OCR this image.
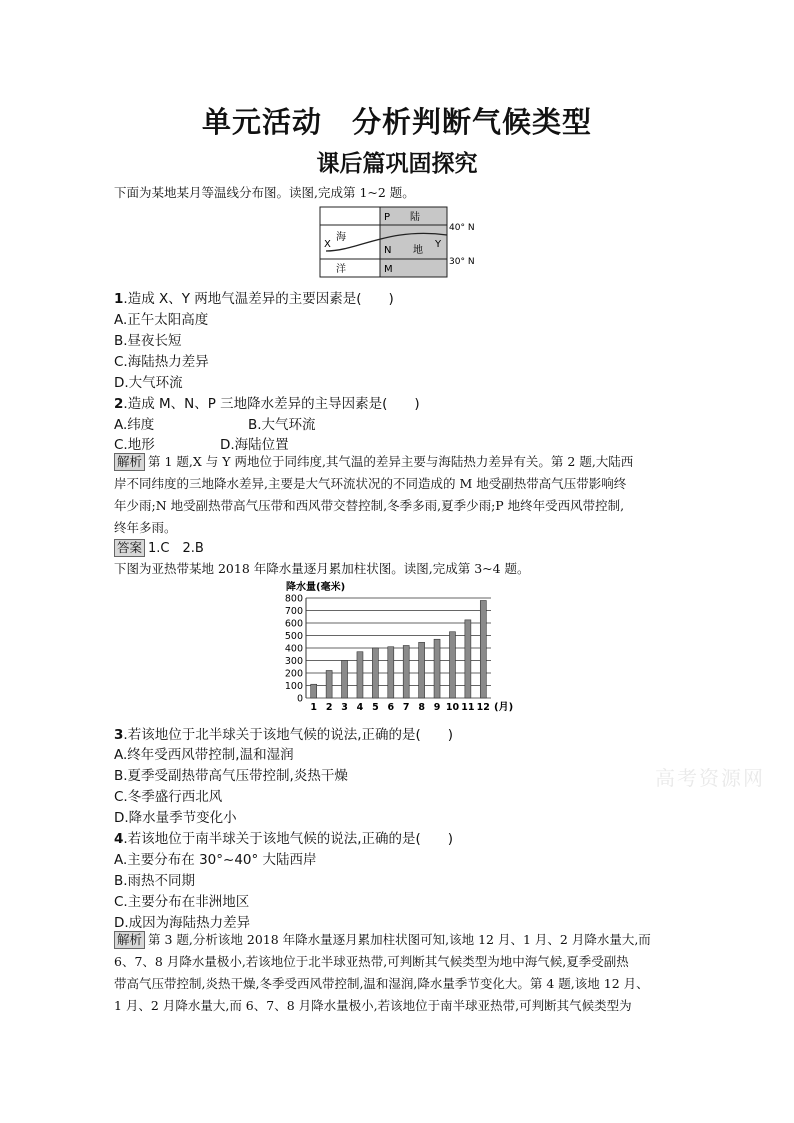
单元活动　分析判断气候类型
课后篇巩固探究
下面为某地某月等温线分布图。读图,完成第 1~2 题。
P 陆
海
X	Y
N 地
洋	M
40° N
30° N
1.造成 X、Y 两地气温差异的主要因素是(　　)
A.正午太阳高度
B.昼夜长短
C.海陆热力差异
D.大气环流
2.造成 M、N、P 三地降水差异的主导因素是(　　)
A.纬度	B.大气环流
C.地形	D.海陆位置
解析 第 1 题,X 与 Y 两地位于同纬度,其气温的差异主要与海陆热力差异有关。第 2 题,大陆西
岸不同纬度的三地降水差异,主要是大气环流状况的不同造成的 M 地受副热带高气压带影响终
年少雨;N 地受副热带高气压带和西风带交替控制,冬季多雨,夏季少雨;P 地终年受西风带控制,
终年多雨。
答案 1.C　2.B
下图为亚热带某地 2018 年降水量逐月累加柱状图。读图,完成第 3~4 题。
降水量(毫米)
0
100
200
300
400
500
600
700
800
1 2 3 4 5 6 7 8 9 10 11 12 (月)
3.若该地位于北半球关于该地气候的说法,正确的是(　　)
A.终年受西风带控制,温和湿润
B.夏季受副热带高气压带控制,炎热干燥
C.冬季盛行西北风
D.降水量季节变化小
4.若该地位于南半球关于该地气候的说法,正确的是(　　)
A.主要分布在 30°~40° 大陆西岸
B.雨热不同期
C.主要分布在非洲地区
D.成因为海陆热力差异
解析 第 3 题,分析该地 2018 年降水量逐月累加柱状图可知,该地 12 月、1 月、2 月降水量大,而
6、7、8 月降水量极小,若该地位于北半球亚热带,可判断其气候类型为地中海气候,夏季受副热
带高气压带控制,炎热干燥,冬季受西风带控制,温和湿润,降水量季节变化大。第 4 题,该地 12 月、
1 月、2 月降水量大,而 6、7、8 月降水量极小,若该地位于南半球亚热带,可判断其气候类型为
高考资源网
